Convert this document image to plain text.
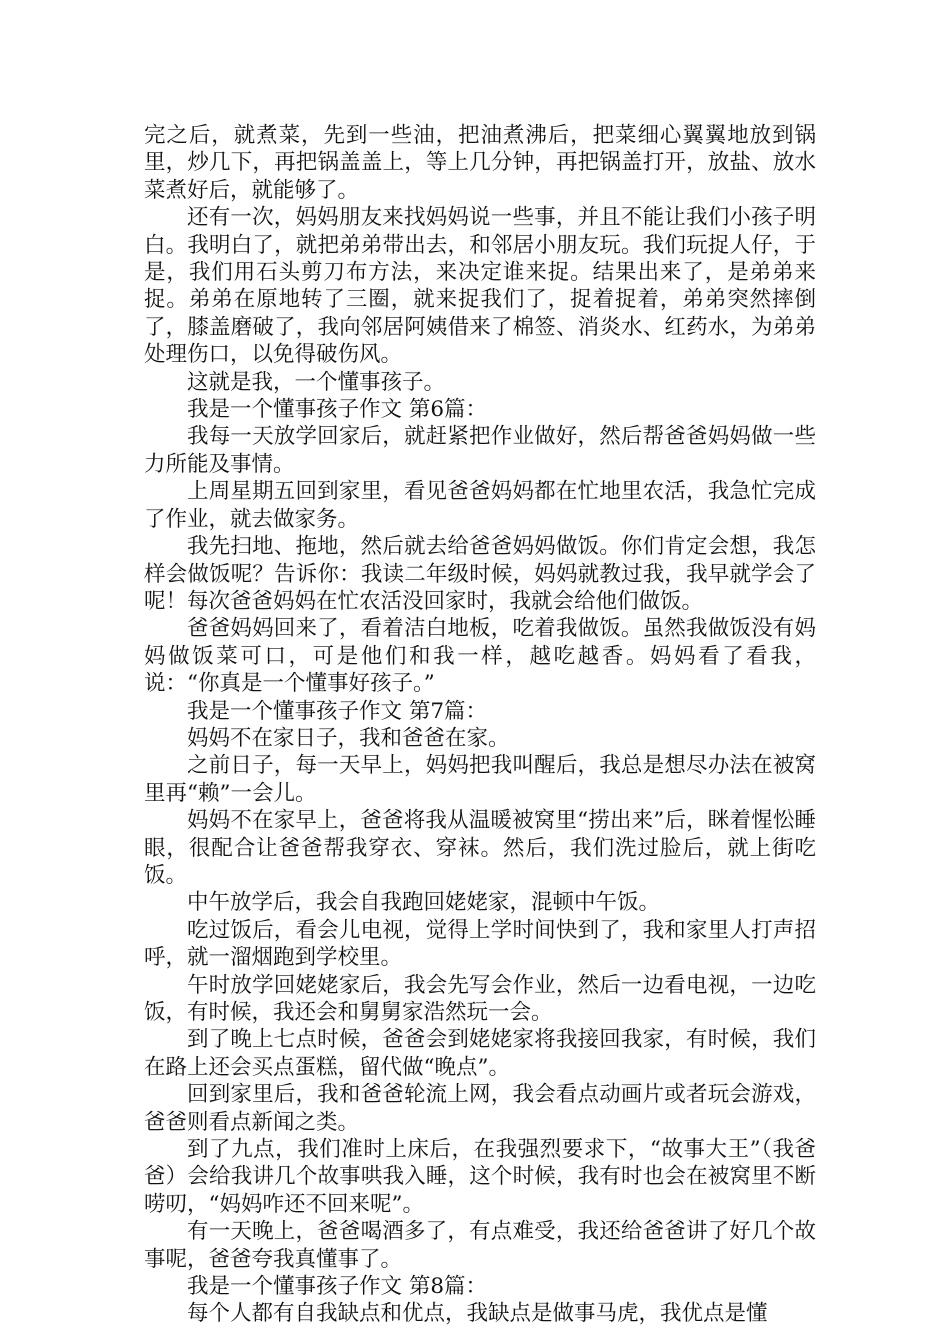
完之后，就煮菜，先到一些油，把油煮沸后，把菜细心翼翼地放到锅里，炒几下，再把锅盖盖上，等上几分钟，再把锅盖打开，放盐、放水菜煮好后，就能够了。

还有一次，妈妈朋友来找妈妈说一些事，并且不能让我们小孩子明白。我明白了，就把弟弟带出去，和邻居小朋友玩。我们玩捉人仔，于是，我们用石头剪刀布方法，来决定谁来捉。结果出来了，是弟弟来捉。弟弟在原地转了三圈，就来捉我们了，捉着捉着，弟弟突然摔倒了，膝盖磨破了，我向邻居阿姨借来了棉签、消炎水、红药水，为弟弟处理伤口，以免得破伤风。

这就是我，一个懂事孩子。

我是一个懂事孩子作文 第6篇：

我每一天放学回家后，就赶紧把作业做好，然后帮爸爸妈妈做一些力所能及事情。

上周星期五回到家里，看见爸爸妈妈都在忙地里农活，我急忙完成了作业，就去做家务。

我先扫地、拖地，然后就去给爸爸妈妈做饭。你们肯定会想，我怎样会做饭呢？告诉你：我读二年级时候，妈妈就教过我，我早就学会了呢！每次爸爸妈妈在忙农活没回家时，我就会给他们做饭。

爸爸妈妈回来了，看着洁白地板，吃着我做饭。虽然我做饭没有妈妈做饭菜可口，可是他们和我一样，越吃越香。妈妈看了看我，说：“你真是一个懂事好孩子。”

我是一个懂事孩子作文 第7篇：

妈妈不在家日子，我和爸爸在家。

之前日子，每一天早上，妈妈把我叫醒后，我总是想尽办法在被窝里再“赖”一会儿。

妈妈不在家早上，爸爸将我从温暖被窝里“捞出来”后，眯着惺忪睡眼，很配合让爸爸帮我穿衣、穿袜。然后，我们洗过脸后，就上街吃饭。

中午放学后，我会自我跑回姥姥家，混顿中午饭。

吃过饭后，看会儿电视，觉得上学时间快到了，我和家里人打声招呼，就一溜烟跑到学校里。

午时放学回姥姥家后，我会先写会作业，然后一边看电视，一边吃饭，有时候，我还会和舅舅家浩然玩一会。

到了晚上七点时候，爸爸会到姥姥家将我接回我家，有时候，我们在路上还会买点蛋糕，留代做“晚点”。

回到家里后，我和爸爸轮流上网，我会看点动画片或者玩会游戏，爸爸则看点新闻之类。

到了九点，我们准时上床后，在我强烈要求下，“故事大王”（我爸爸）会给我讲几个故事哄我入睡，这个时候，我有时也会在被窝里不断唠叨，“妈妈咋还不回来呢”。

有一天晚上，爸爸喝酒多了，有点难受，我还给爸爸讲了好几个故事呢，爸爸夸我真懂事了。

我是一个懂事孩子作文 第8篇：

每个人都有自我缺点和优点，我缺点是做事马虎，我优点是懂
